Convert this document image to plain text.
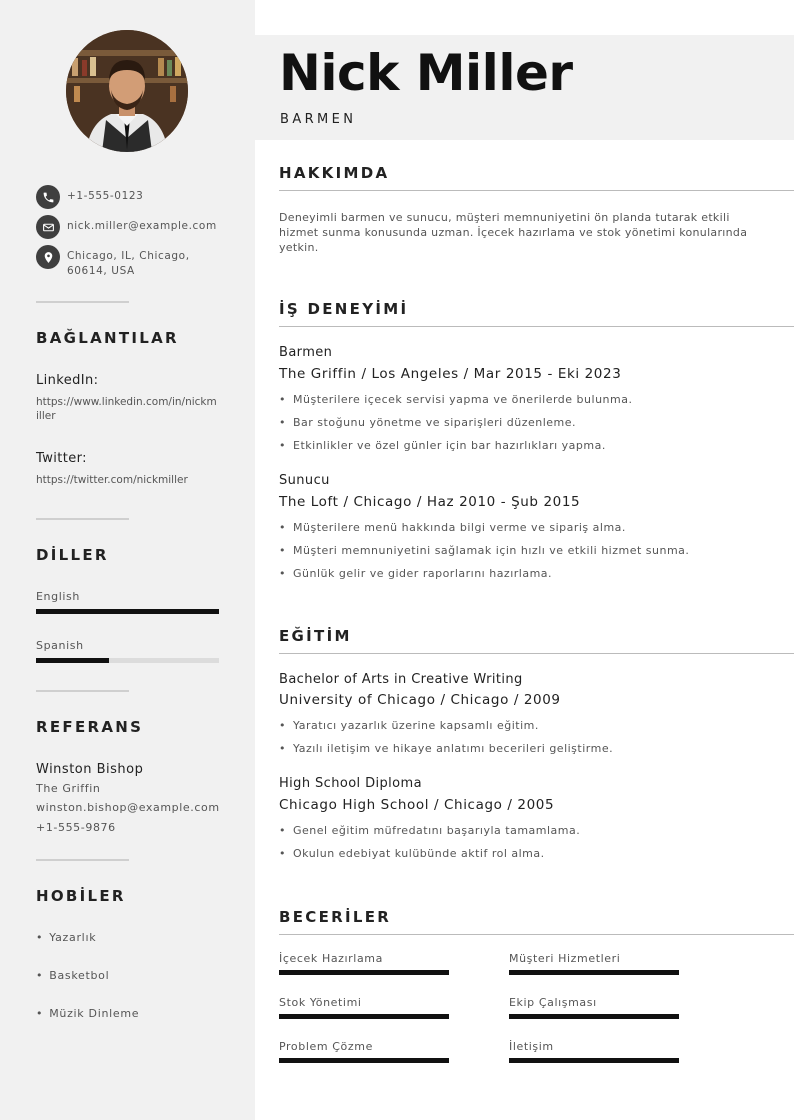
+1-555-0123
nick.miller@example.com
Chicago, IL, Chicago,
60614, USA
BAĞLANTILAR
LinkedIn:
https://www.linkedin.com/in/nickm
iller
Twitter:
https://twitter.com/nickmiller
DİLLER
English
Spanish
REFERANS
Winston Bishop
The Griffin
winston.bishop@example.com
+1-555-9876
HOBİLER
• Yazarlık
• Basketbol
• Müzik Dinleme
Nick Miller
BARMEN
HAKKIMDA
Deneyimli barmen ve sunucu, müşteri memnuniyetini ön planda tutarak etkili
hizmet sunma konusunda uzman. İçecek hazırlama ve stok yönetimi konularında
yetkin.
İŞ DENEYİMİ
Barmen
The Griffin / Los Angeles / Mar 2015 - Eki 2023
• Müşterilere içecek servisi yapma ve önerilerde bulunma.
• Bar stoğunu yönetme ve siparişleri düzenleme.
• Etkinlikler ve özel günler için bar hazırlıkları yapma.
Sunucu
The Loft / Chicago / Haz 2010 - Şub 2015
• Müşterilere menü hakkında bilgi verme ve sipariş alma.
• Müşteri memnuniyetini sağlamak için hızlı ve etkili hizmet sunma.
• Günlük gelir ve gider raporlarını hazırlama.
EĞİTİM
Bachelor of Arts in Creative Writing
University of Chicago / Chicago / 2009
• Yaratıcı yazarlık üzerine kapsamlı eğitim.
• Yazılı iletişim ve hikaye anlatımı becerileri geliştirme.
High School Diploma
Chicago High School / Chicago / 2005
• Genel eğitim müfredatını başarıyla tamamlama.
• Okulun edebiyat kulübünde aktif rol alma.
BECERİLER
İçecek Hazırlama	Müşteri Hizmetleri
Stok Yönetimi	Ekip Çalışması
Problem Çözme	İletişim
